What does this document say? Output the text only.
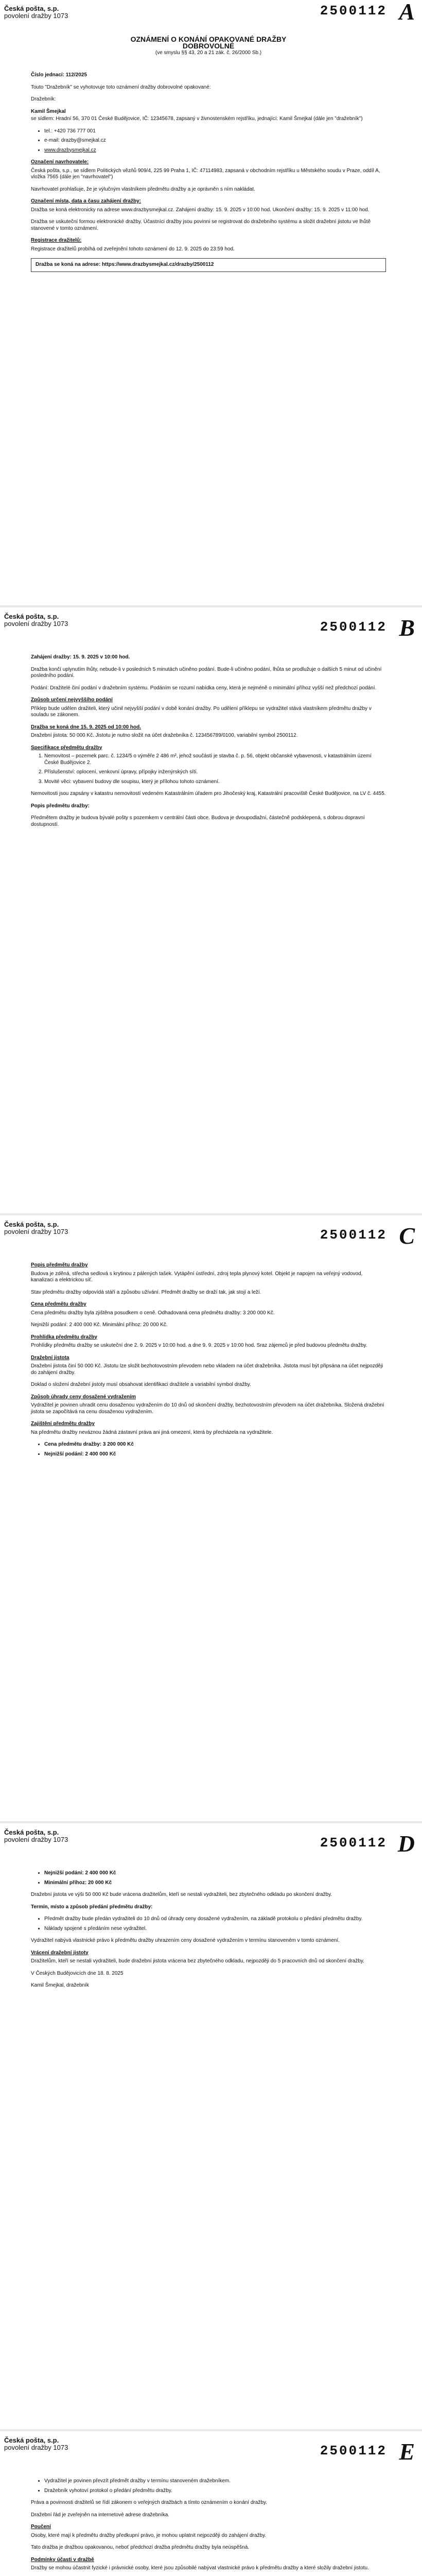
Česká pošta, s.p.
povolení dražby 1073	2500112 A
OZNÁMENÍ O KONÁNÍ OPAKOVANÉ DRAŽBY
DOBROVOLNÉ
(ve smyslu §§ 43, 20 a 21 zák. č. 26/2000 Sb.)

Číslo jednací: 112/2025

Touto "Dražebník" se vyhotovuje toto oznámení dražby dobrovolné opakované:

Dražebník:

Kamil Šmejkal

se sídlem: Hradní 56, 370 01 České Budějovice, IČ: 12345678, zapsaný v živnostenském rejstříku, jednající: Kamil Šmejkal (dále jen "dražebník")

• tel.: +420 736 777 001
• e-mail: drazby@smejkal.cz
• www.drazbysmejkal.cz
Označení navrhovatele:

Česká pošta, s.p., se sídlem Politických vězňů 909/4, 225 99 Praha 1, IČ: 47114983, zapsaná v obchodním rejstříku u Městského soudu v Praze, oddíl A, vložka 7565 (dále jen "navrhovatel")

Navrhovatel prohlašuje, že je výlučným vlastníkem předmětu dražby a je oprávněn s ním nakládat.

Označení místa, data a času zahájení dražby:

Dražba se koná elektronicky na adrese www.drazbysmejkal.cz. Zahájení dražby: 15. 9. 2025 v 10:00 hod. Ukončení dražby: 15. 9. 2025 v 11:00 hod.

Dražba se uskuteční formou elektronické dražby. Účastníci dražby jsou povinni se registrovat do dražebního systému a složit dražební jistotu ve lhůtě stanovené v tomto oznámení.

Registrace dražitelů:

Registrace dražitelů probíhá od zveřejnění tohoto oznámení do 12. 9. 2025 do 23:59 hod.

Dražba se koná na adrese: https://www.drazbysmejkal.cz/drazby/2500112
Česká pošta, s.p.
povolení dražby 1073	2500112 B

Zahájení dražby: 15. 9. 2025 v 10:00 hod.

Dražba končí uplynutím lhůty, nebude-li v posledních 5 minutách učiněno podání. Bude-li učiněno podání, lhůta se prodlužuje o dalších 5 minut od učinění posledního podání.

Podání: Dražitelé činí podání v dražebním systému. Podáním se rozumí nabídka ceny, která je nejméně o minimální příhoz vyšší než předchozí podání.

Způsob určení nejvyššího podání

Příklep bude udělen dražiteli, který učinil nejvyšší podání v době konání dražby. Po udělení příklepu se vydražitel stává vlastníkem předmětu dražby v souladu se zákonem.

Dražba se koná dne 15. 9. 2025 od 10:00 hod.

Dražební jistota: 50 000 Kč. Jistotu je nutno složit na účet dražebníka č. 123456789/0100, variabilní symbol 2500112.

Specifikace předmětu dražby
1. Nemovitost – pozemek parc. č. 1234/5 o výměře 2 486 m², jehož součástí je stavba č. p. 56, objekt občanské vybavenosti, v katastrálním území České Budějovice 2.
2. Příslušenství: oplocení, venkovní úpravy, přípojky inženýrských sítí.
3. Movité věci: vybavení budovy dle soupisu, který je přílohou tohoto oznámení.

Nemovitosti jsou zapsány v katastru nemovitostí vedeném Katastrálním úřadem pro Jihočeský kraj, Katastrální pracoviště České Budějovice, na LV č. 4455.

Popis předmětu dražby:

Předmětem dražby je budova bývalé pošty s pozemkem v centrální části obce. Budova je dvoupodlažní, částečně podsklepená, s dobrou dopravní dostupností.

Česká pošta, s.p.
povolení dražby 1073	2500112 C
Popis předmětu dražby

Budova je zděná, střecha sedlová s krytinou z pálených tašek. Vytápění ústřední, zdroj tepla plynový kotel. Objekt je napojen na veřejný vodovod, kanalizaci a elektrickou síť.

Stav předmětu dražby odpovídá stáří a způsobu užívání. Předmět dražby se draží tak, jak stojí a leží.

Cena předmětu dražby

Cena předmětu dražby byla zjištěna posudkem o ceně. Odhadovaná cena předmětu dražby: 3 200 000 Kč.

Nejnižší podání: 2 400 000 Kč. Minimální příhoz: 20 000 Kč.

Prohlídka předmětu dražby

Prohlídky předmětu dražby se uskuteční dne 2. 9. 2025 v 10:00 hod. a dne 9. 9. 2025 v 10:00 hod. Sraz zájemců je před budovou předmětu dražby.

Dražební jistota

Dražební jistota činí 50 000 Kč. Jistotu lze složit bezhotovostním převodem nebo vkladem na účet dražebníka. Jistota musí být připsána na účet nejpozději do zahájení dražby.

Doklad o složení dražební jistoty musí obsahovat identifikaci dražitele a variabilní symbol dražby.

Způsob úhrady ceny dosažené vydražením

Vydražitel je povinen uhradit cenu dosaženou vydražením do 10 dnů od skončení dražby, bezhotovostním převodem na účet dražebníka. Složená dražební jistota se započítává na cenu dosaženou vydražením.

Zajištění předmětu dražby

Na předmětu dražby neváznou žádná zástavní práva ani jiná omezení, která by přecházela na vydražitele.

• Cena předmětu dražby: 3 200 000 Kč
• Nejnižší podání: 2 400 000 Kč
Česká pošta, s.p.
povolení dražby 1073	2500112 D
• Nejnižší podání: 2 400 000 Kč
• Minimální příhoz: 20 000 Kč

Dražební jistota ve výši 50 000 Kč bude vrácena dražitelům, kteří se nestali vydražiteli, bez zbytečného odkladu po skončení dražby.

Termín, místo a způsob předání předmětu dražby:

• Předmět dražby bude předán vydražiteli do 10 dnů od úhrady ceny dosažené vydražením, na základě protokolu o předání předmětu dražby.
• Náklady spojené s předáním nese vydražitel.

Vydražitel nabývá vlastnické právo k předmětu dražby uhrazením ceny dosažené vydražením v termínu stanoveném v tomto oznámení.

Vrácení dražební jistoty

Dražitelům, kteří se nestali vydražiteli, bude dražební jistota vrácena bez zbytečného odkladu, nejpozději do 5 pracovních dnů od skončení dražby.

V Českých Budějovicích dne 18. 8. 2025

Kamil Šmejkal, dražebník

Česká pošta, s.p.
povolení dražby 1073	2500112 E
• Vydražitel je povinen převzít předmět dražby v termínu stanoveném dražebníkem.
• Dražebník vyhotoví protokol o předání předmětu dražby.

Práva a povinnosti dražitelů se řídí zákonem o veřejných dražbách a tímto oznámením o konání dražby.

Dražební řád je zveřejněn na internetové adrese dražebníka.

Poučení

Osoby, které mají k předmětu dražby předkupní právo, je mohou uplatnit nejpozději do zahájení dražby.

Tato dražba je dražbou opakovanou, neboť předchozí dražba předmětu dražby byla neúspěšná.

Podmínky účasti v dražbě

Dražby se mohou účastnit fyzické i právnické osoby, které jsou způsobilé nabývat vlastnické právo k předmětu dražby a které složily dražební jistotu.
